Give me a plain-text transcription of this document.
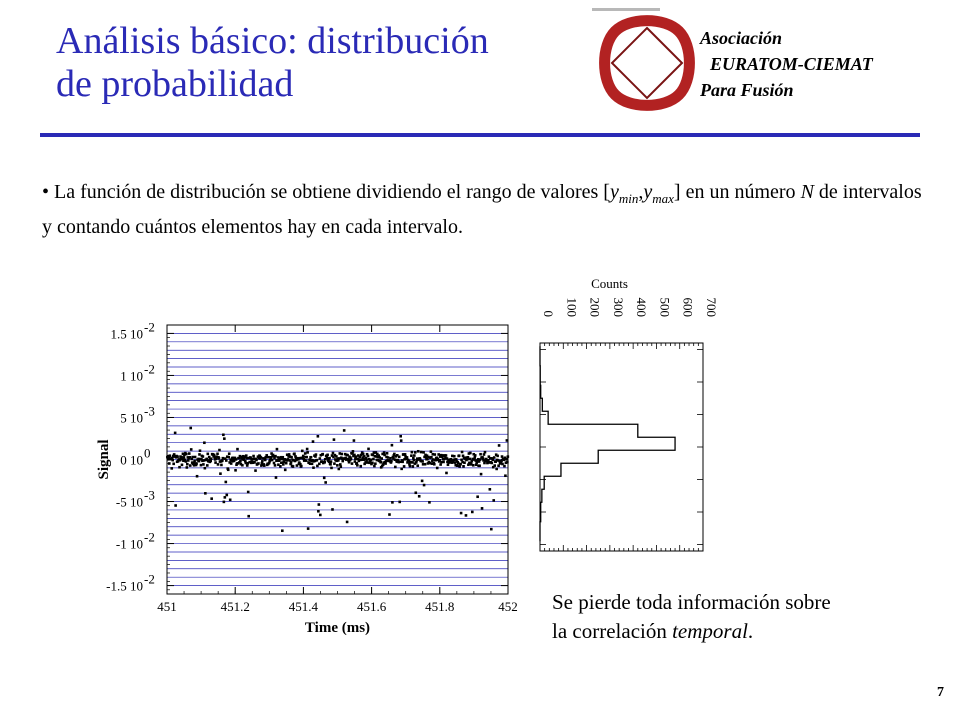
Análisis básico: distribución
de probabilidad
Asociación
EURATOM-CIEMAT
Para Fusión
• La función de distribución se obtiene dividiendo el rango de valores $[y_{min},y_{max}]$ en un número N de intervalos y contando cuántos elementos hay en cada intervalo.
1.5 10 -2
1 10 -2
5 10 -3
0 10 0
-5 10 -3
-1 10 -2
-1.5 10 -2
451	451.2	451.4	451.6	451.8	452
Time (ms)
Signal
0 100 200 300 400 500 600 700
Counts
Se pierde toda información sobre
la correlación temporal.
7
